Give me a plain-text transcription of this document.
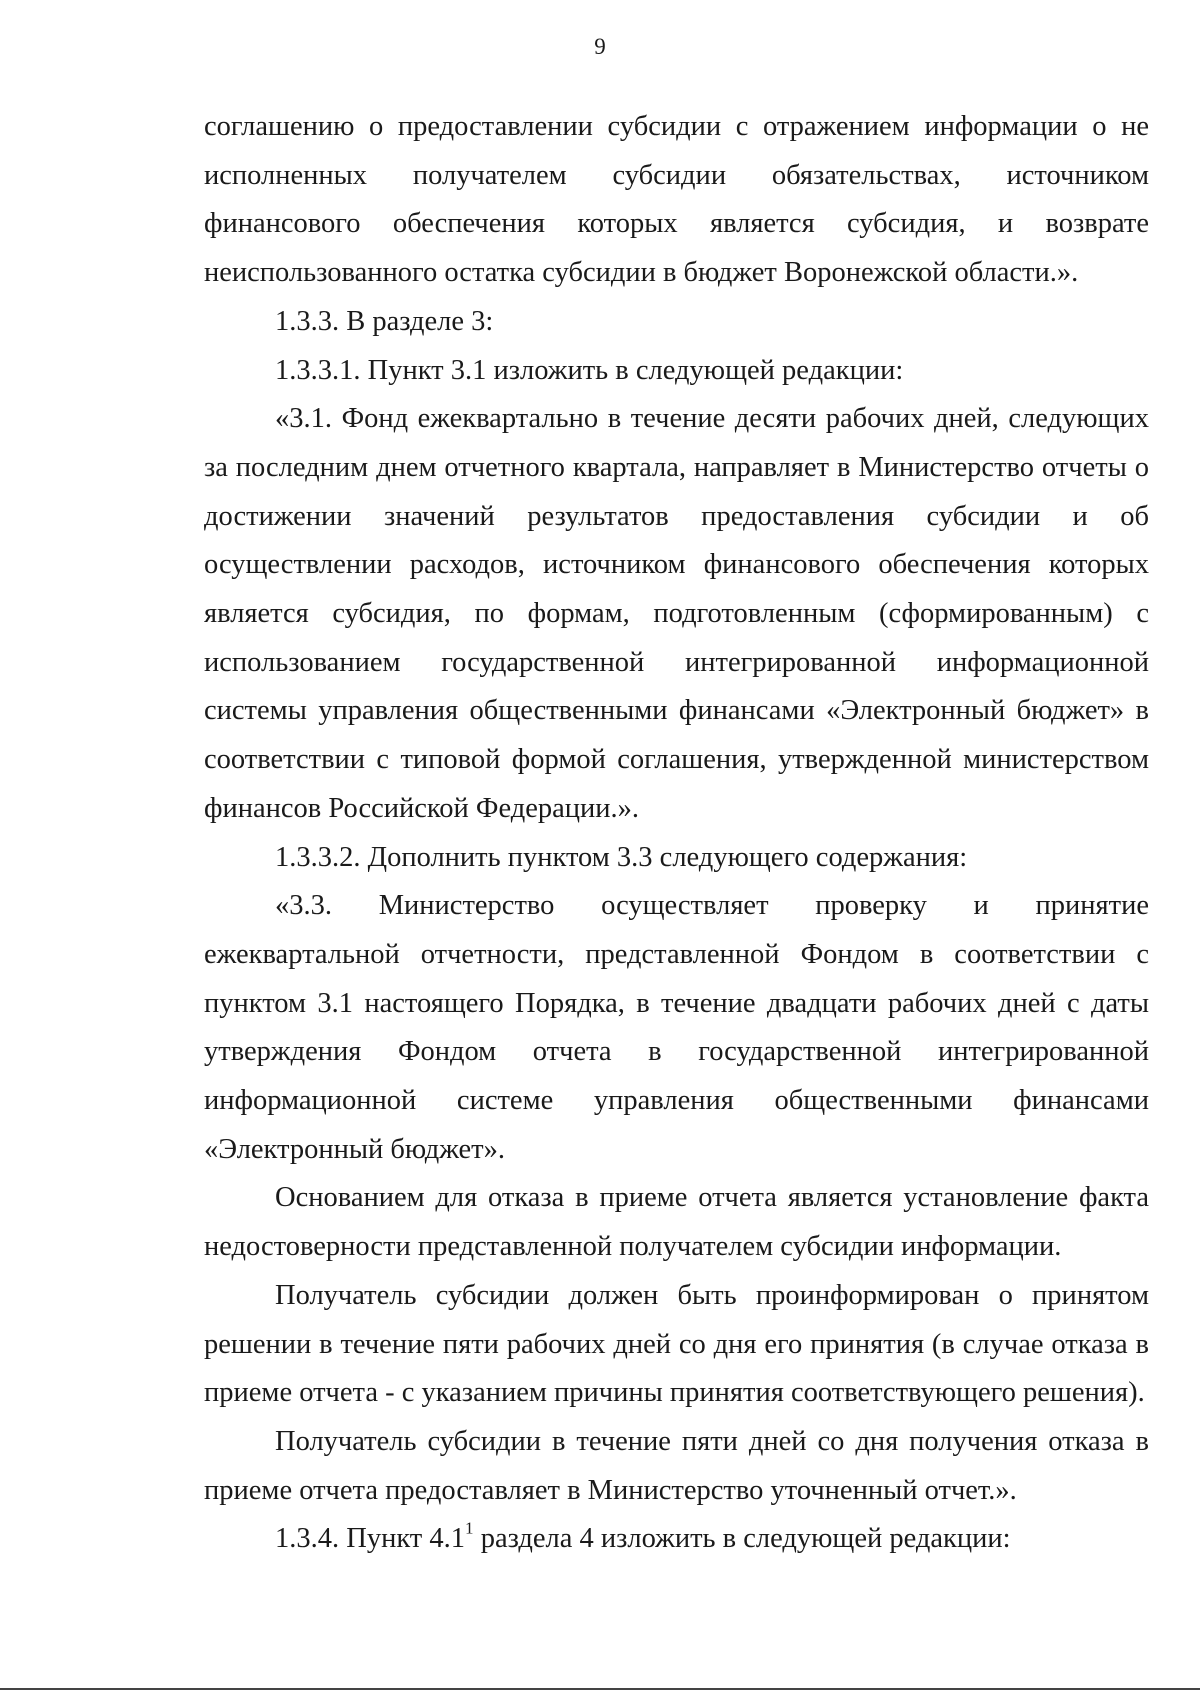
9

соглашению о предоставлении субсидии с отражением информации о не исполненных получателем субсидии обязательствах, источником финансового обеспечения которых является субсидия, и возврате неиспользованного остатка субсидии в бюджет Воронежской области.».

1.3.3. В разделе 3:

1.3.3.1. Пункт 3.1 изложить в следующей редакции:

«3.1. Фонд ежеквартально в течение десяти рабочих дней, следующих за последним днем отчетного квартала, направляет в Министерство отчеты о достижении значений результатов предоставления субсидии и об осуществлении расходов, источником финансового обеспечения которых является субсидия, по формам, подготовленным (сформированным) с использованием государственной интегрированной информационной системы управления общественными финансами «Электронный бюджет» в соответствии с типовой формой соглашения, утвержденной министерством финансов Российской Федерации.».

1.3.3.2. Дополнить пунктом 3.3 следующего содержания:

«3.3. Министерство осуществляет проверку и принятие ежеквартальной отчетности, представленной Фондом в соответствии с пунктом 3.1 настоящего Порядка, в течение двадцати рабочих дней с даты утверждения Фондом отчета в государственной интегрированной информационной системе управления общественными финансами «Электронный бюджет».

Основанием для отказа в приеме отчета является установление факта недостоверности представленной получателем субсидии информации.

Получатель субсидии должен быть проинформирован о принятом решении в течение пяти рабочих дней со дня его принятия (в случае отказа в приеме отчета - с указанием причины принятия соответствующего решения).

Получатель субсидии в течение пяти дней со дня получения отказа в приеме отчета предоставляет в Министерство уточненный отчет.».

1.3.4. Пункт $4.1^1$ раздела 4 изложить в следующей редакции:
